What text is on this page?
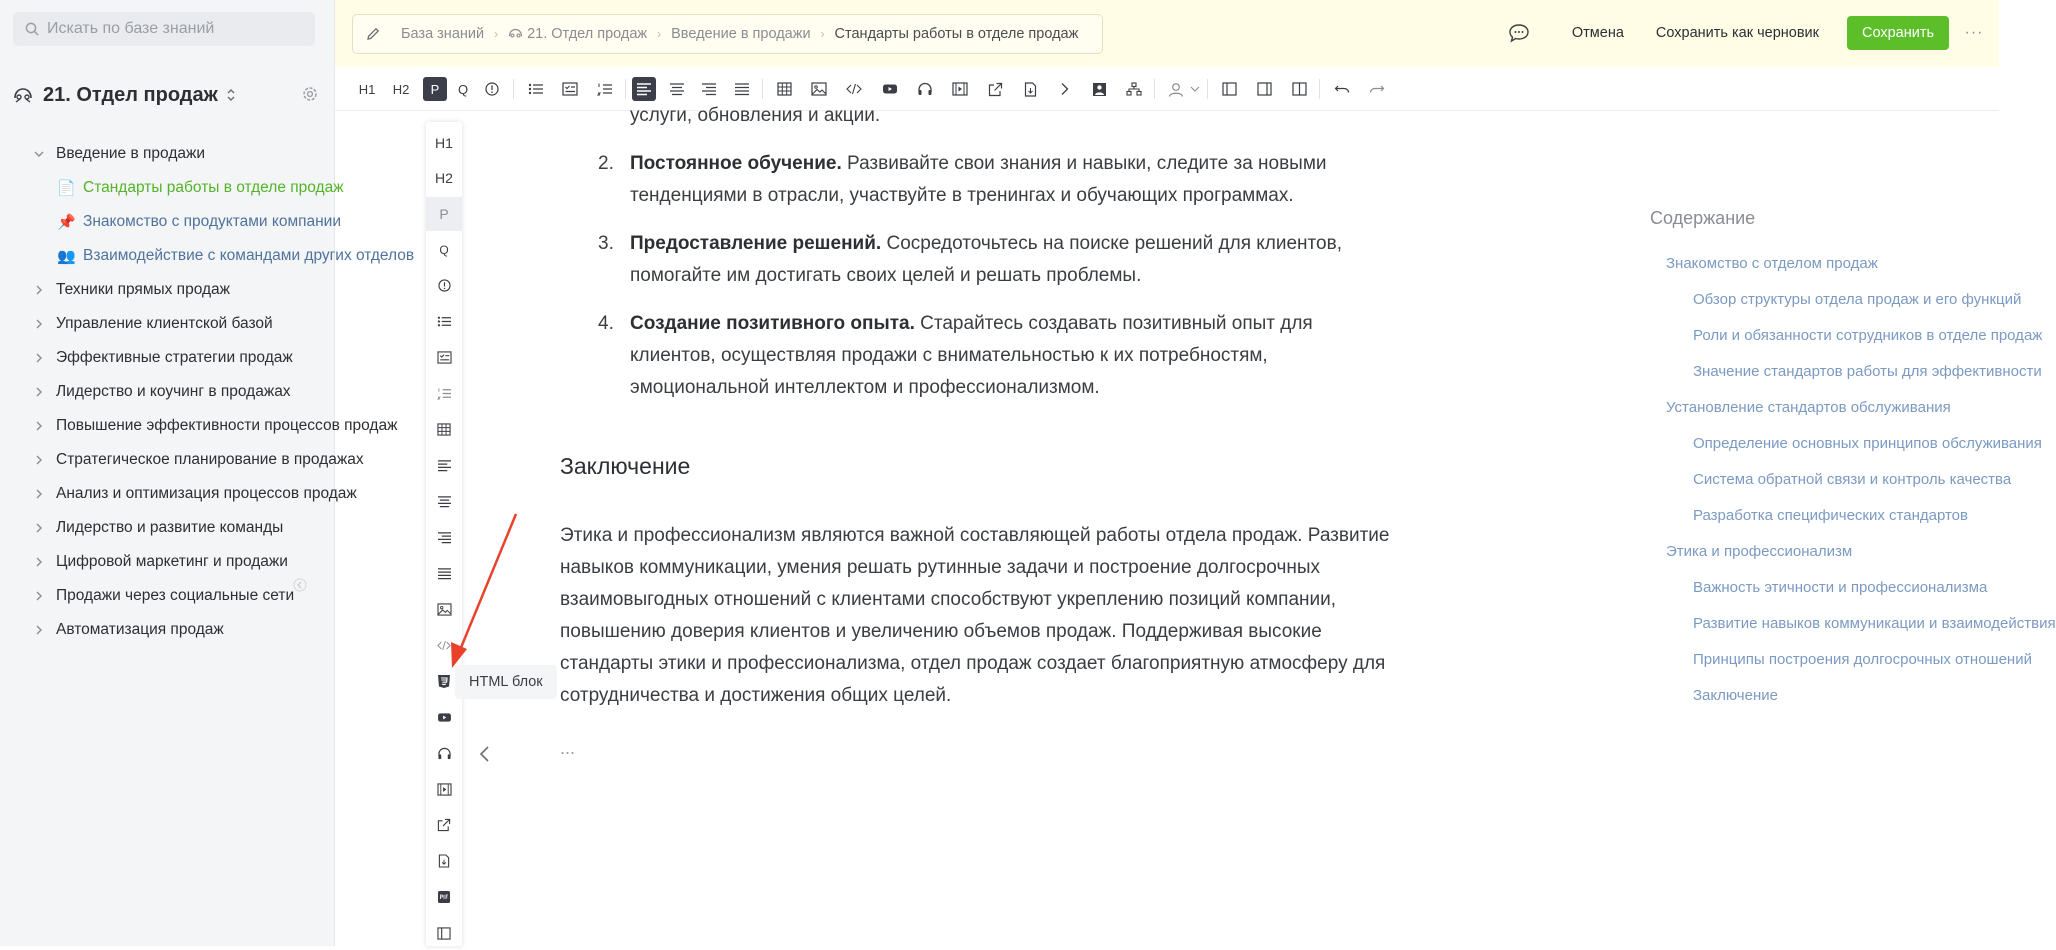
Искать по базе знаний
21. Отдел продаж
Введение в продажи
📄 Стандарты работы в отделе продаж
📌 Знакомство с продуктами компании
👥 Взаимодействие с командами других отделов
Техники прямых продаж
Управление клиентской базой
Эффективные стратегии продаж
Лидерство и коучинг в продажах
Повышение эффективности процессов продаж
Стратегическое планирование в продажах
Анализ и оптимизация процессов продаж
Лидерство и развитие команды
Цифровой маркетинг и продажи
Продажи через социальные сети
Автоматизация продаж
База знаний › 21. Отдел продаж › Введение в продажи › Стандарты работы в отделе продаж	Отмена	Сохранить как черновик	Сохранить	···
H1 H2	P	Q
услуги, обновления и акции.
2. Постоянное обучение. Развивайте свои знания и навыки, следите за новыми тенденциями в отрасли, участвуйте в тренингах и обучающих программах.
3. Предоставление решений. Сосредоточьтесь на поиске решений для клиентов, помогайте им достигать своих целей и решать проблемы.
4. Создание позитивного опыта. Старайтесь создавать позитивный опыт для клиентов, осуществляя продажи с внимательностью к их потребностям, эмоциональной интеллектом и профессионализмом.
Заключение

Этика и профессионализм являются важной составляющей работы отдела продаж. Развитие навыков коммуникации, умения решать рутинные задачи и построение долгосрочных взаимовыгодных отношений с клиентами способствуют укреплению позиций компании, повышению доверия клиентов и увеличению объемов продаж. Поддерживая высокие стандарты этики и профессионализма, отдел продаж создает благоприятную атмосферу для сотрудничества и достижения общих целей.

...
H1
H2
P
Q
HTML блок
Содержание
Знакомство с отделом продаж
Обзор структуры отдела продаж и его функций
Роли и обязанности сотрудников в отделе продаж
Значение стандартов работы для эффективности
Установление стандартов обслуживания
Определение основных принципов обслуживания
Система обратной связи и контроль качества
Разработка специфических стандартов
Этика и профессионализм
Важность этичности и профессионализма
Развитие навыков коммуникации и взаимодействия
Принципы построения долгосрочных отношений
Заключение
